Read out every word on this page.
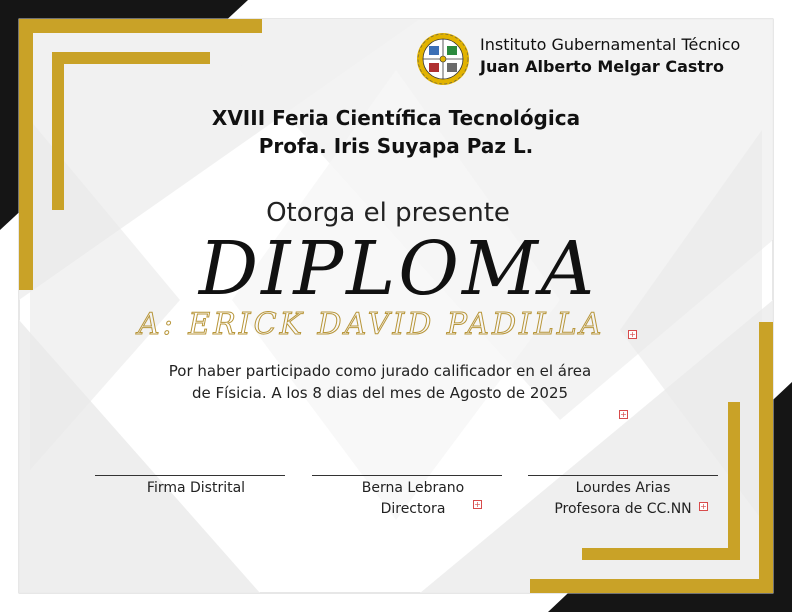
Instituto Gubernamental Técnico
Juan Alberto Melgar Castro
XVIII Feria Científica Tecnológica
Profa. Iris Suyapa Paz L.
Otorga el presente
DIPLOMA
A: ERICK DAVID PADILLA	+
Por haber participado como jurado calificador en el área
de Físicia. A los 8 dias del mes de Agosto de 2025
+
Firma Distrital	Berna Lebrano
Directora	+
Lourdes Arias
Profesora de CC.NN	+
